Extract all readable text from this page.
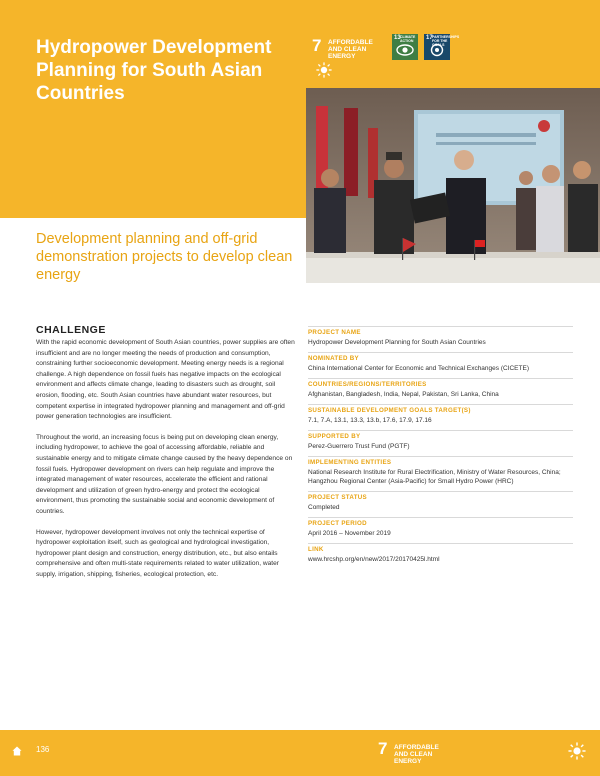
Hydropower Development Planning for South Asian Countries
7 AFFORDABLE AND CLEAN ENERGY
13 CLIMATE ACTION	17 PARTNERSHIPS FOR THE GOALS
Development planning and off-grid demonstration projects to develop clean energy
CHALLENGE

With the rapid economic development of South Asian countries, power supplies are often insufficient and are no longer meeting the needs of production and consumption, constraining further socioeconomic development. Meeting energy needs is a regional challenge. A high dependence on fossil fuels has negative impacts on the ecological environment and affects climate change, leading to disasters such as drought, soil erosion, flooding, etc. South Asian countries have abundant water resources, but competent expertise in integrated hydropower planning and management and off-grid power generation technologies are insufficient.

Throughout the world, an increasing focus is being put on developing clean energy, including hydropower, to achieve the goal of accessing affordable, reliable and sustainable energy and to mitigate climate change caused by the heavy dependence on fossil fuels. Hydropower development on rivers can help regulate and improve the integrated management of water resources, accelerate the efficient and rational development and utilization of green hydro-energy and protect the ecological environment, thus promoting the sustainable social and economic development of countries.

However, hydropower development involves not only the technical expertise of hydropower exploitation itself, such as geological and hydrological investigation, hydropower plant design and construction, energy distribution, etc., but also entails comprehensive and often multi-state requirements related to water utilization, water supply, irrigation, shipping, fisheries, ecological protection, etc.

PROJECT NAME
Hydropower Development Planning for South Asian Countries
NOMINATED BY
China International Center for Economic and Technical Exchanges (CICETE)
COUNTRIES/REGIONS/TERRITORIES
Afghanistan, Bangladesh, India, Nepal, Pakistan, Sri Lanka, China
SUSTAINABLE DEVELOPMENT GOALS TARGET(S)
7.1, 7.A, 13.1, 13.3, 13.b, 17.6, 17.9, 17.16
SUPPORTED BY
Perez-Guerrero Trust Fund (PGTF)
IMPLEMENTING ENTITIES
National Research Institute for Rural Electrification, Ministry of Water Resources, China; Hangzhou Regional Center (Asia-Pacific) for Small Hydro Power (HRC)
PROJECT STATUS
Completed
PROJECT PERIOD
April 2016 – November 2019
LINK
www.hrcshp.org/en/new/2017/20170425l.html
136	7 AFFORDABLE AND CLEAN ENERGY
